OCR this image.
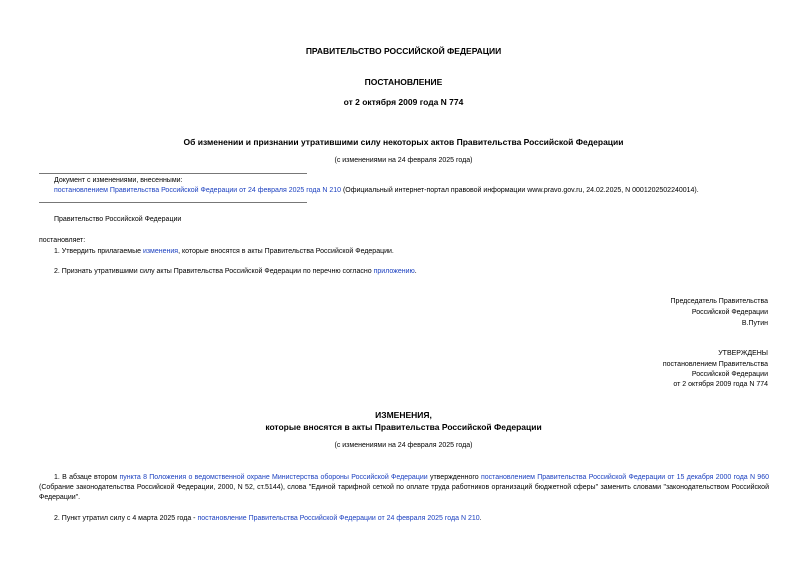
ПРАВИТЕЛЬСТВО РОССИЙСКОЙ ФЕДЕРАЦИИ
ПОСТАНОВЛЕНИЕ
от 2 октября 2009 года N 774
Об изменении и признании утратившими силу некоторых актов Правительства Российской Федерации
(с изменениями на 24 февраля 2025 года)
Документ с изменениями, внесенными:
постановлением Правительства Российской Федерации от 24 февраля 2025 года N 210 (Официальный интернет-портал правовой информации www.pravo.gov.ru, 24.02.2025, N 0001202502240014).
Правительство Российской Федерации
постановляет:
1. Утвердить прилагаемые изменения, которые вносятся в акты Правительства Российской Федерации.
2. Признать утратившими силу акты Правительства Российской Федерации по перечню согласно приложению.
Председатель Правительства
Российской Федерации
В.Путин
УТВЕРЖДЕНЫ
постановлением Правительства
Российской Федерации
от 2 октября 2009 года N 774
ИЗМЕНЕНИЯ,
которые вносятся в акты Правительства Российской Федерации
(с изменениями на 24 февраля 2025 года)
1. В абзаце втором пункта 8 Положения о ведомственной охране Министерства обороны Российской Федерации утвержденного постановлением Правительства Российской Федерации от 15 декабря 2000 года N 960 (Собрание законодательства Российской Федерации, 2000, N 52, ст.5144), слова "Единой тарифной сеткой по оплате труда работников организаций бюджетной сферы" заменить словами "законодательством Российской Федерации".
2. Пункт утратил силу с 4 марта 2025 года - постановление Правительства Российской Федерации от 24 февраля 2025 года N 210.
